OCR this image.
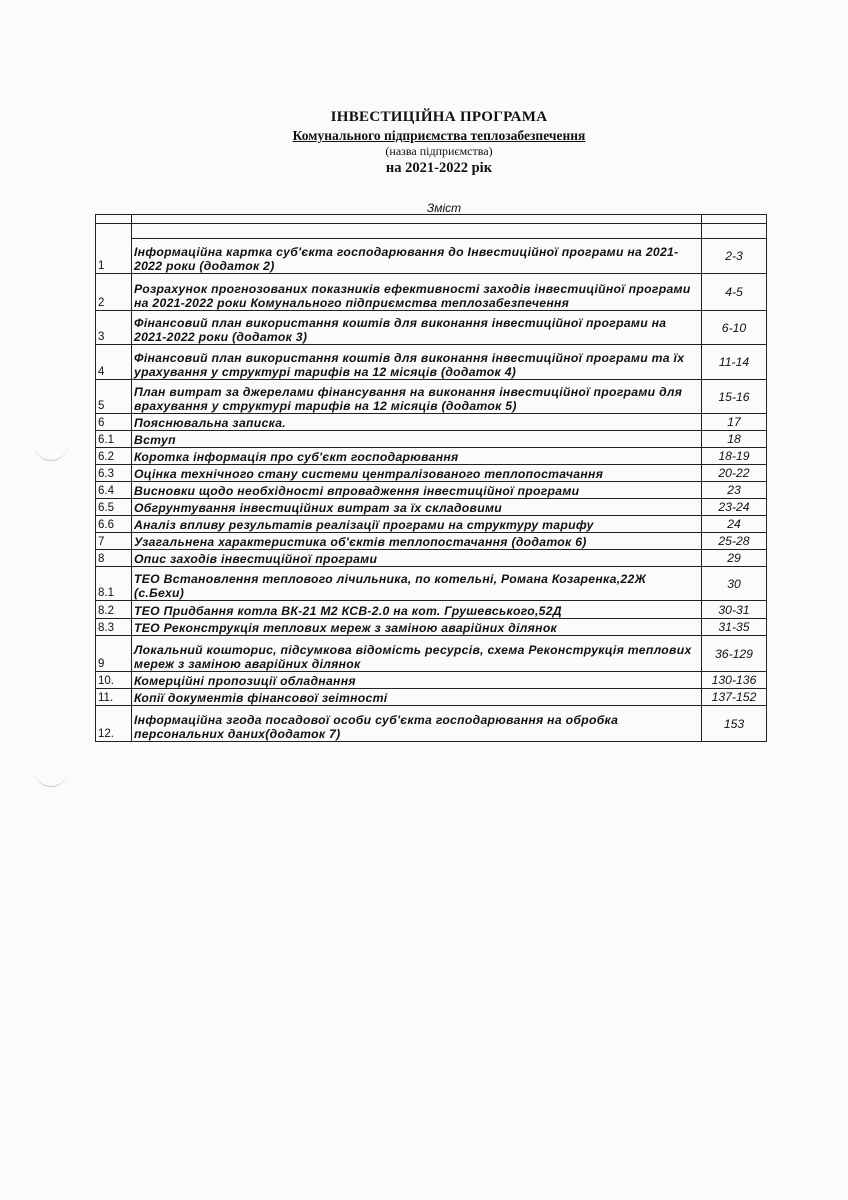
ІНВЕСТИЦІЙНА ПРОГРАМА
Комунального підприємства теплозабезпечення
(назва підприємства)
на 2021-2022 рік
Зміст

1	Інформаційна картка суб'єкта господарювання до Інвестиційної програми на 2021-2022 роки (додаток 2)	2-3
2	Розрахунок прогнозованих показників ефективності заходів інвестиційної програми на 2021-2022 роки Комунального підприємства теплозабезпечення	4-5
3	Фінансовий план використання коштів для виконання інвестиційної програми на 2021-2022 роки (додаток 3)	6-10
4	Фінансовий план використання коштів для виконання інвестиційної програми та їх урахування у структурі тарифів на 12 місяців (додаток 4)	11-14
5	План витрат за джерелами фінансування на виконання інвестиційної програми для врахування у структурі тарифів на 12 місяців (додаток 5)	15-16
6	Пояснювальна записка.	17
6.1	Вступ	18
6.2	Коротка інформація про суб'єкт господарювання	18-19
6.3	Оцінка технічного стану системи централізованого теплопостачання	20-22
6.4	Висновки щодо необхідності впровадження інвестиційної програми	23
6.5	Обгрунтування інвестиційних витрат за їх складовими	23-24
6.6	Аналіз впливу результатів реалізації програми на структуру тарифу	24
7	Узагальнена характеристика об'єктів теплопостачання (додаток 6)	25-28
8	Опис заходів інвестиційної програми	29
8.1	ТЕО Встановлення теплового лічильника, по котельні, Романа Козаренка,22Ж (с.Бехи)	30
8.2	ТЕО Придбання котла ВК-21 М2 КСВ-2.0 на кот. Грушевського,52Д	30-31
8.3	ТЕО Реконструкція теплових мереж з заміною аварійних ділянок	31-35
9	Локальний кошторис, підсумкова відомість ресурсів, схема Реконструкція теплових мереж з заміною аварійних ділянок	36-129
10.	Комерційні пропозиції обладнання	130-136
11.	Копії документів фінансової зеітності	137-152
12.	Інформаційна згода посадової особи суб'єкта господарювання на обробка персональних даних(додаток 7)	153
